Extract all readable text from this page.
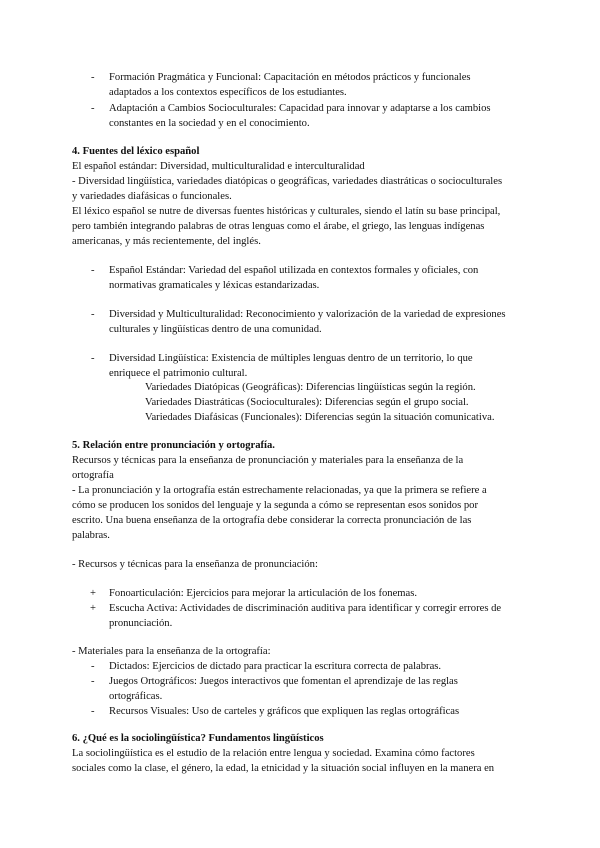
- Formación Pragmática y Funcional: Capacitación en métodos prácticos y funcionales
adaptados a los contextos específicos de los estudiantes.
- Adaptación a Cambios Socioculturales: Capacidad para innovar y adaptarse a los cambios
constantes en la sociedad y en el conocimiento.
4. Fuentes del léxico español
El español estándar: Diversidad, multiculturalidad e interculturalidad
- Diversidad lingüística, variedades diatópicas o geográficas, variedades diastráticas o socioculturales
y variedades diafásicas o funcionales.
El léxico español se nutre de diversas fuentes históricas y culturales, siendo el latín su base principal,
pero también integrando palabras de otras lenguas como el árabe, el griego, las lenguas indígenas
americanas, y más recientemente, del inglés.
- Español Estándar: Variedad del español utilizada en contextos formales y oficiales, con
normativas gramaticales y léxicas estandarizadas.
- Diversidad y Multiculturalidad: Reconocimiento y valorización de la variedad de expresiones
culturales y lingüísticas dentro de una comunidad.
- Diversidad Lingüística: Existencia de múltiples lenguas dentro de un territorio, lo que
enriquece el patrimonio cultural.
Variedades Diatópicas (Geográficas): Diferencias lingüísticas según la región.
Variedades Diastráticas (Socioculturales): Diferencias según el grupo social.
Variedades Diafásicas (Funcionales): Diferencias según la situación comunicativa.
5. Relación entre pronunciación y ortografía.
Recursos y técnicas para la enseñanza de pronunciación y materiales para la enseñanza de la
ortografía
- La pronunciación y la ortografía están estrechamente relacionadas, ya que la primera se refiere a
cómo se producen los sonidos del lenguaje y la segunda a cómo se representan esos sonidos por
escrito. Una buena enseñanza de la ortografía debe considerar la correcta pronunciación de las
palabras.
- Recursos y técnicas para la enseñanza de pronunciación:
+ Fonoarticulación: Ejercicios para mejorar la articulación de los fonemas.
+ Escucha Activa: Actividades de discriminación auditiva para identificar y corregir errores de
pronunciación.
- Materiales para la enseñanza de la ortografía:
- Dictados: Ejercicios de dictado para practicar la escritura correcta de palabras.
- Juegos Ortográficos: Juegos interactivos que fomentan el aprendizaje de las reglas
ortográficas.
- Recursos Visuales: Uso de carteles y gráficos que expliquen las reglas ortográficas
6. ¿Qué es la sociolingüística? Fundamentos lingüísticos
La sociolingüística es el estudio de la relación entre lengua y sociedad. Examina cómo factores
sociales como la clase, el género, la edad, la etnicidad y la situación social influyen en la manera en
